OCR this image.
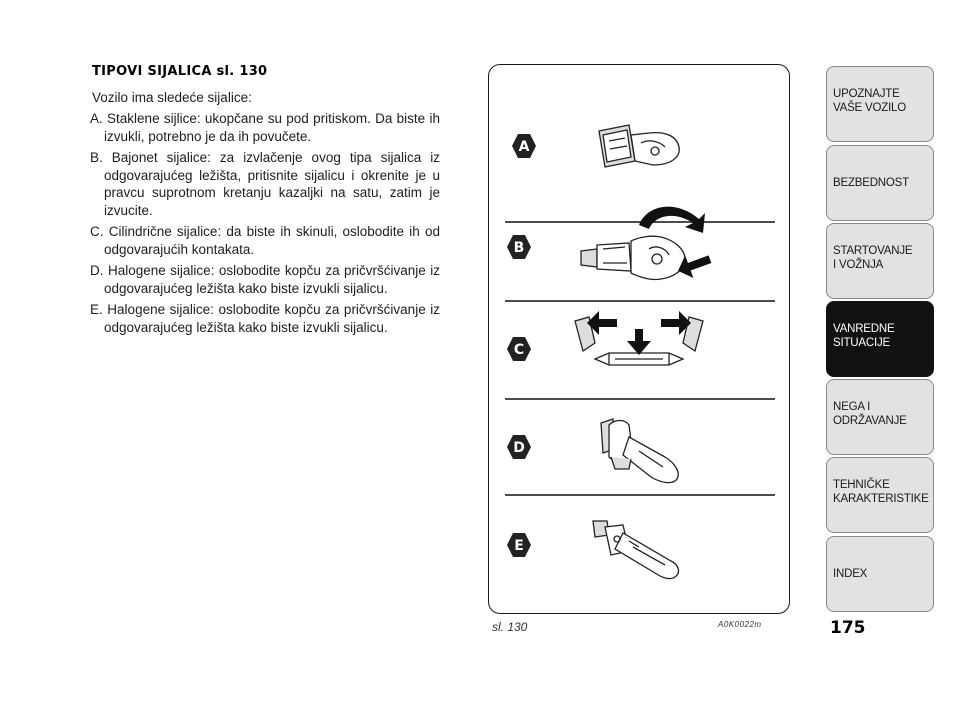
TIPOVI SIJALICA sl. 130
Vozilo ima sledeće sijalice:
A. Staklene sijlice: ukopčane su pod pritiskom. Da biste ih izvukli, potrebno je da ih povučete.
B. Bajonet sijalice: za izvlačenje ovog tipa sijalica iz odgovarajućeg ležišta, pritisnite sijalicu i okrenite je u pravcu suprotnom kretanju kazaljki na satu, zatim je izvucite.
C. Cilindrične sijalice: da biste ih skinuli, oslobodite ih od odgovarajućih kontakata.
D. Halogene sijalice: oslobodite kopču za pričvršćivanje iz odgovarajućeg ležišta kako biste izvukli sijalicu.
E. Halogene sijalice: oslobodite kopču za pričvršćivanje iz odgovarajućeg ležišta kako biste izvukli sijalicu.
A
B
C
D
E
sl. 130	A0K0022m	175
UPOZNAJTE
VAŠE VOZILO
BEZBEDNOST
STARTOVANJE
I VOŽNJA
VANREDNE
SITUACIJE
NEGA I
ODRŽAVANJE
TEHNIČKE
KARAKTERISTIKE
INDEX
